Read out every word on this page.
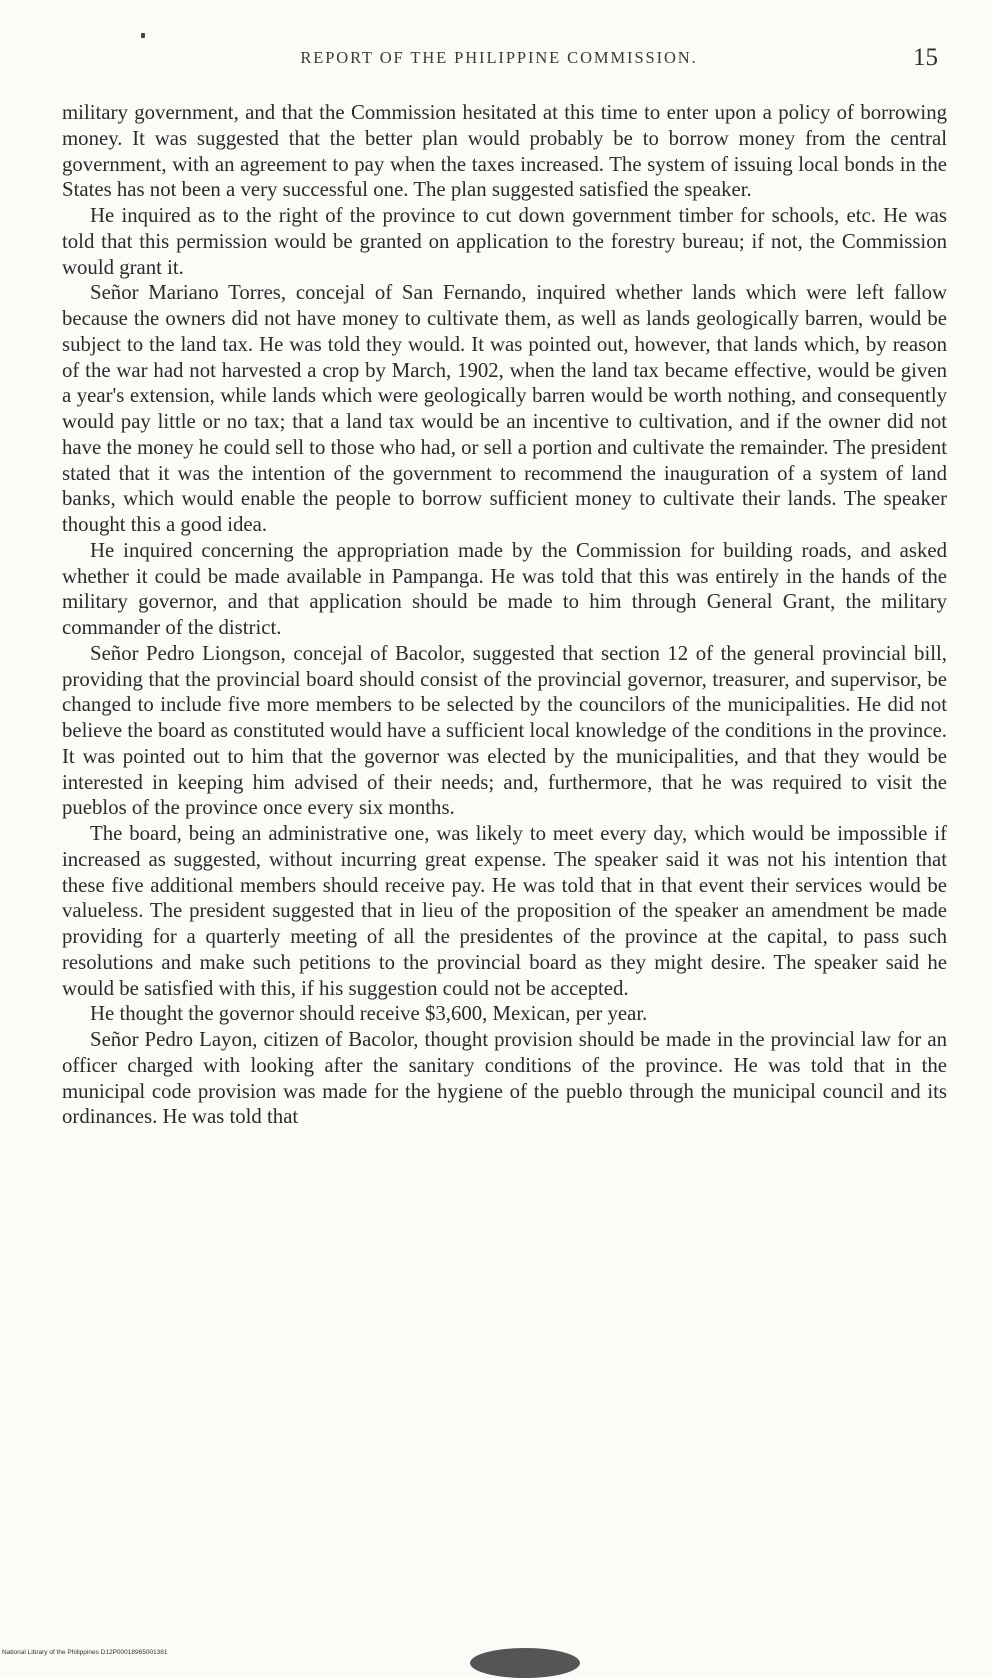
REPORT OF THE PHILIPPINE COMMISSION.	15

military government, and that the Commission hesitated at this time to enter upon a policy of borrowing money. It was suggested that the better plan would probably be to borrow money from the central government, with an agreement to pay when the taxes increased. The system of issuing local bonds in the States has not been a very successful one. The plan suggested satisfied the speaker.

He inquired as to the right of the province to cut down government timber for schools, etc. He was told that this permission would be granted on application to the forestry bureau; if not, the Commission would grant it.

Señor Mariano Torres, concejal of San Fernando, inquired whether lands which were left fallow because the owners did not have money to cultivate them, as well as lands geologically barren, would be subject to the land tax. He was told they would. It was pointed out, however, that lands which, by reason of the war had not harvested a crop by March, 1902, when the land tax became effective, would be given a year's extension, while lands which were geologically barren would be worth nothing, and consequently would pay little or no tax; that a land tax would be an incentive to cultivation, and if the owner did not have the money he could sell to those who had, or sell a portion and cultivate the remainder. The president stated that it was the intention of the government to recommend the inauguration of a system of land banks, which would enable the people to borrow sufficient money to cultivate their lands. The speaker thought this a good idea.

He inquired concerning the appropriation made by the Commission for building roads, and asked whether it could be made available in Pampanga. He was told that this was entirely in the hands of the military governor, and that application should be made to him through General Grant, the military commander of the district.

Señor Pedro Liongson, concejal of Bacolor, suggested that section 12 of the general provincial bill, providing that the provincial board should consist of the provincial governor, treasurer, and supervisor, be changed to include five more members to be selected by the councilors of the municipalities. He did not believe the board as constituted would have a sufficient local knowledge of the conditions in the province. It was pointed out to him that the governor was elected by the municipalities, and that they would be interested in keeping him advised of their needs; and, furthermore, that he was required to visit the pueblos of the province once every six months.

The board, being an administrative one, was likely to meet every day, which would be impossible if increased as suggested, without incurring great expense. The speaker said it was not his intention that these five additional members should receive pay. He was told that in that event their services would be valueless. The president suggested that in lieu of the proposition of the speaker an amendment be made providing for a quarterly meeting of all the presidentes of the province at the capital, to pass such resolutions and make such petitions to the provincial board as they might desire. The speaker said he would be satisfied with this, if his suggestion could not be accepted.

He thought the governor should receive $3,600, Mexican, per year.

Señor Pedro Layon, citizen of Bacolor, thought provision should be made in the provincial law for an officer charged with looking after the sanitary conditions of the province. He was told that in the municipal code provision was made for the hygiene of the pueblo through the municipal council and its ordinances. He was told that

National Library of the Philippines D12P00018965001381
